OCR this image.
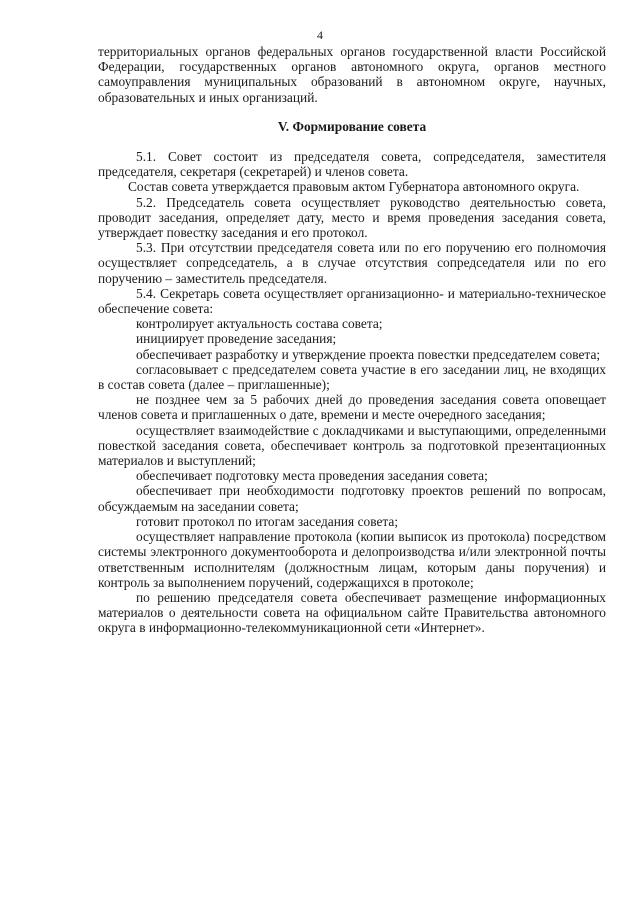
4

территориальных органов федеральных органов государственной власти Российской Федерации, государственных органов автономного округа, органов местного самоуправления муниципальных образований в автономном округе, научных, образовательных и иных организаций.

V. Формирование совета

5.1. Совет состоит из председателя совета, сопредседателя, заместителя председателя, секретаря (секретарей) и членов совета.

Состав совета утверждается правовым актом Губернатора автономного округа.

5.2. Председатель совета осуществляет руководство деятельностью совета, проводит заседания, определяет дату, место и время проведения заседания совета, утверждает повестку заседания и его протокол.

5.3. При отсутствии председателя совета или по его поручению его полномочия осуществляет сопредседатель, а в случае отсутствия сопредседателя или по его поручению – заместитель председателя.

5.4. Секретарь совета осуществляет организационно- и материально-техническое обеспечение совета:

контролирует актуальность состава совета;

инициирует проведение заседания;

обеспечивает разработку и утверждение проекта повестки председателем совета;

согласовывает с председателем совета участие в его заседании лиц, не входящих в состав совета (далее – приглашенные);

не позднее чем за 5 рабочих дней до проведения заседания совета оповещает членов совета и приглашенных о дате, времени и месте очередного заседания;

осуществляет взаимодействие с докладчиками и выступающими, определенными повесткой заседания совета, обеспечивает контроль за подготовкой презентационных материалов и выступлений;

обеспечивает подготовку места проведения заседания совета;

обеспечивает при необходимости подготовку проектов решений по вопросам, обсуждаемым на заседании совета;

готовит протокол по итогам заседания совета;

осуществляет направление протокола (копии выписок из протокола) посредством системы электронного документооборота и делопроизводства и/или электронной почты ответственным исполнителям (должностным лицам, которым даны поручения) и контроль за выполнением поручений, содержащихся в протоколе;

по решению председателя совета обеспечивает размещение информационных материалов о деятельности совета на официальном сайте Правительства автономного округа в информационно-телекоммуникационной сети «Интернет».
